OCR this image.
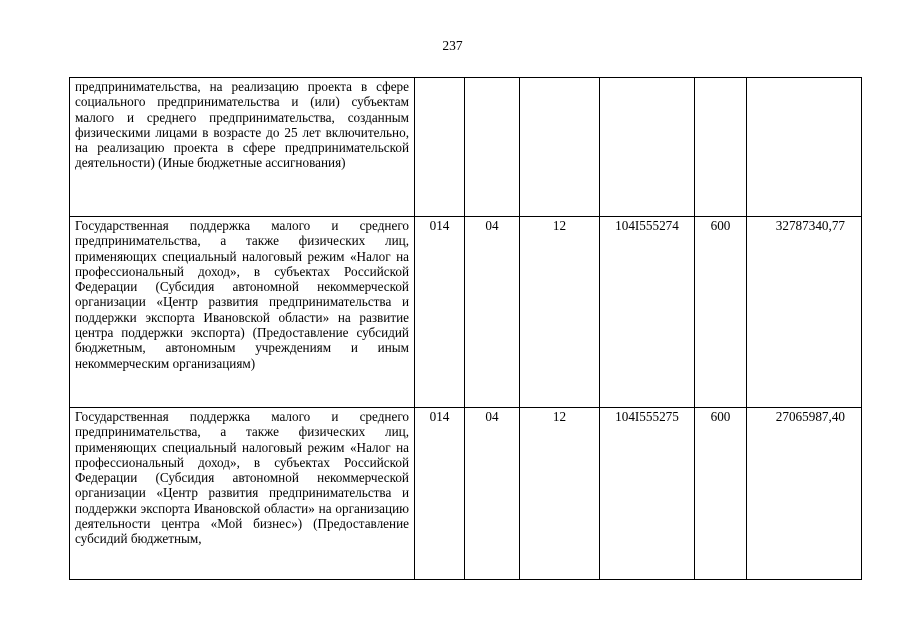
237
предпринимательства, на реализацию проекта в сфере социального предпринимательства и (или) субъектам малого и среднего предпринимательства, созданным физическими лицами в возрасте до 25 лет включительно, на реализацию проекта в сфере предпринимательской деятельности) (Иные бюджетные ассигнования)						
Государственная поддержка малого и среднего предпринимательства, а также физических лиц, применяющих специальный налоговый режим «Налог на профессиональный доход», в субъектах Российской Федерации (Субсидия автономной некоммерческой организации «Центр развития предпринимательства и поддержки экспорта Ивановской области» на развитие центра поддержки экспорта) (Предоставление субсидий бюджетным, автономным учреждениям и иным некоммерческим организациям)	014	04	12	104I555274	600	32787340,77
Государственная поддержка малого и среднего предпринимательства, а также физических лиц, применяющих специальный налоговый режим «Налог на профессиональный доход», в субъектах Российской Федерации (Субсидия автономной некоммерческой организации «Центр развития предпринимательства и поддержки экспорта Ивановской области» на организацию деятельности центра «Мой бизнес») (Предоставление субсидий бюджетным,	014	04	12	104I555275	600	27065987,40
